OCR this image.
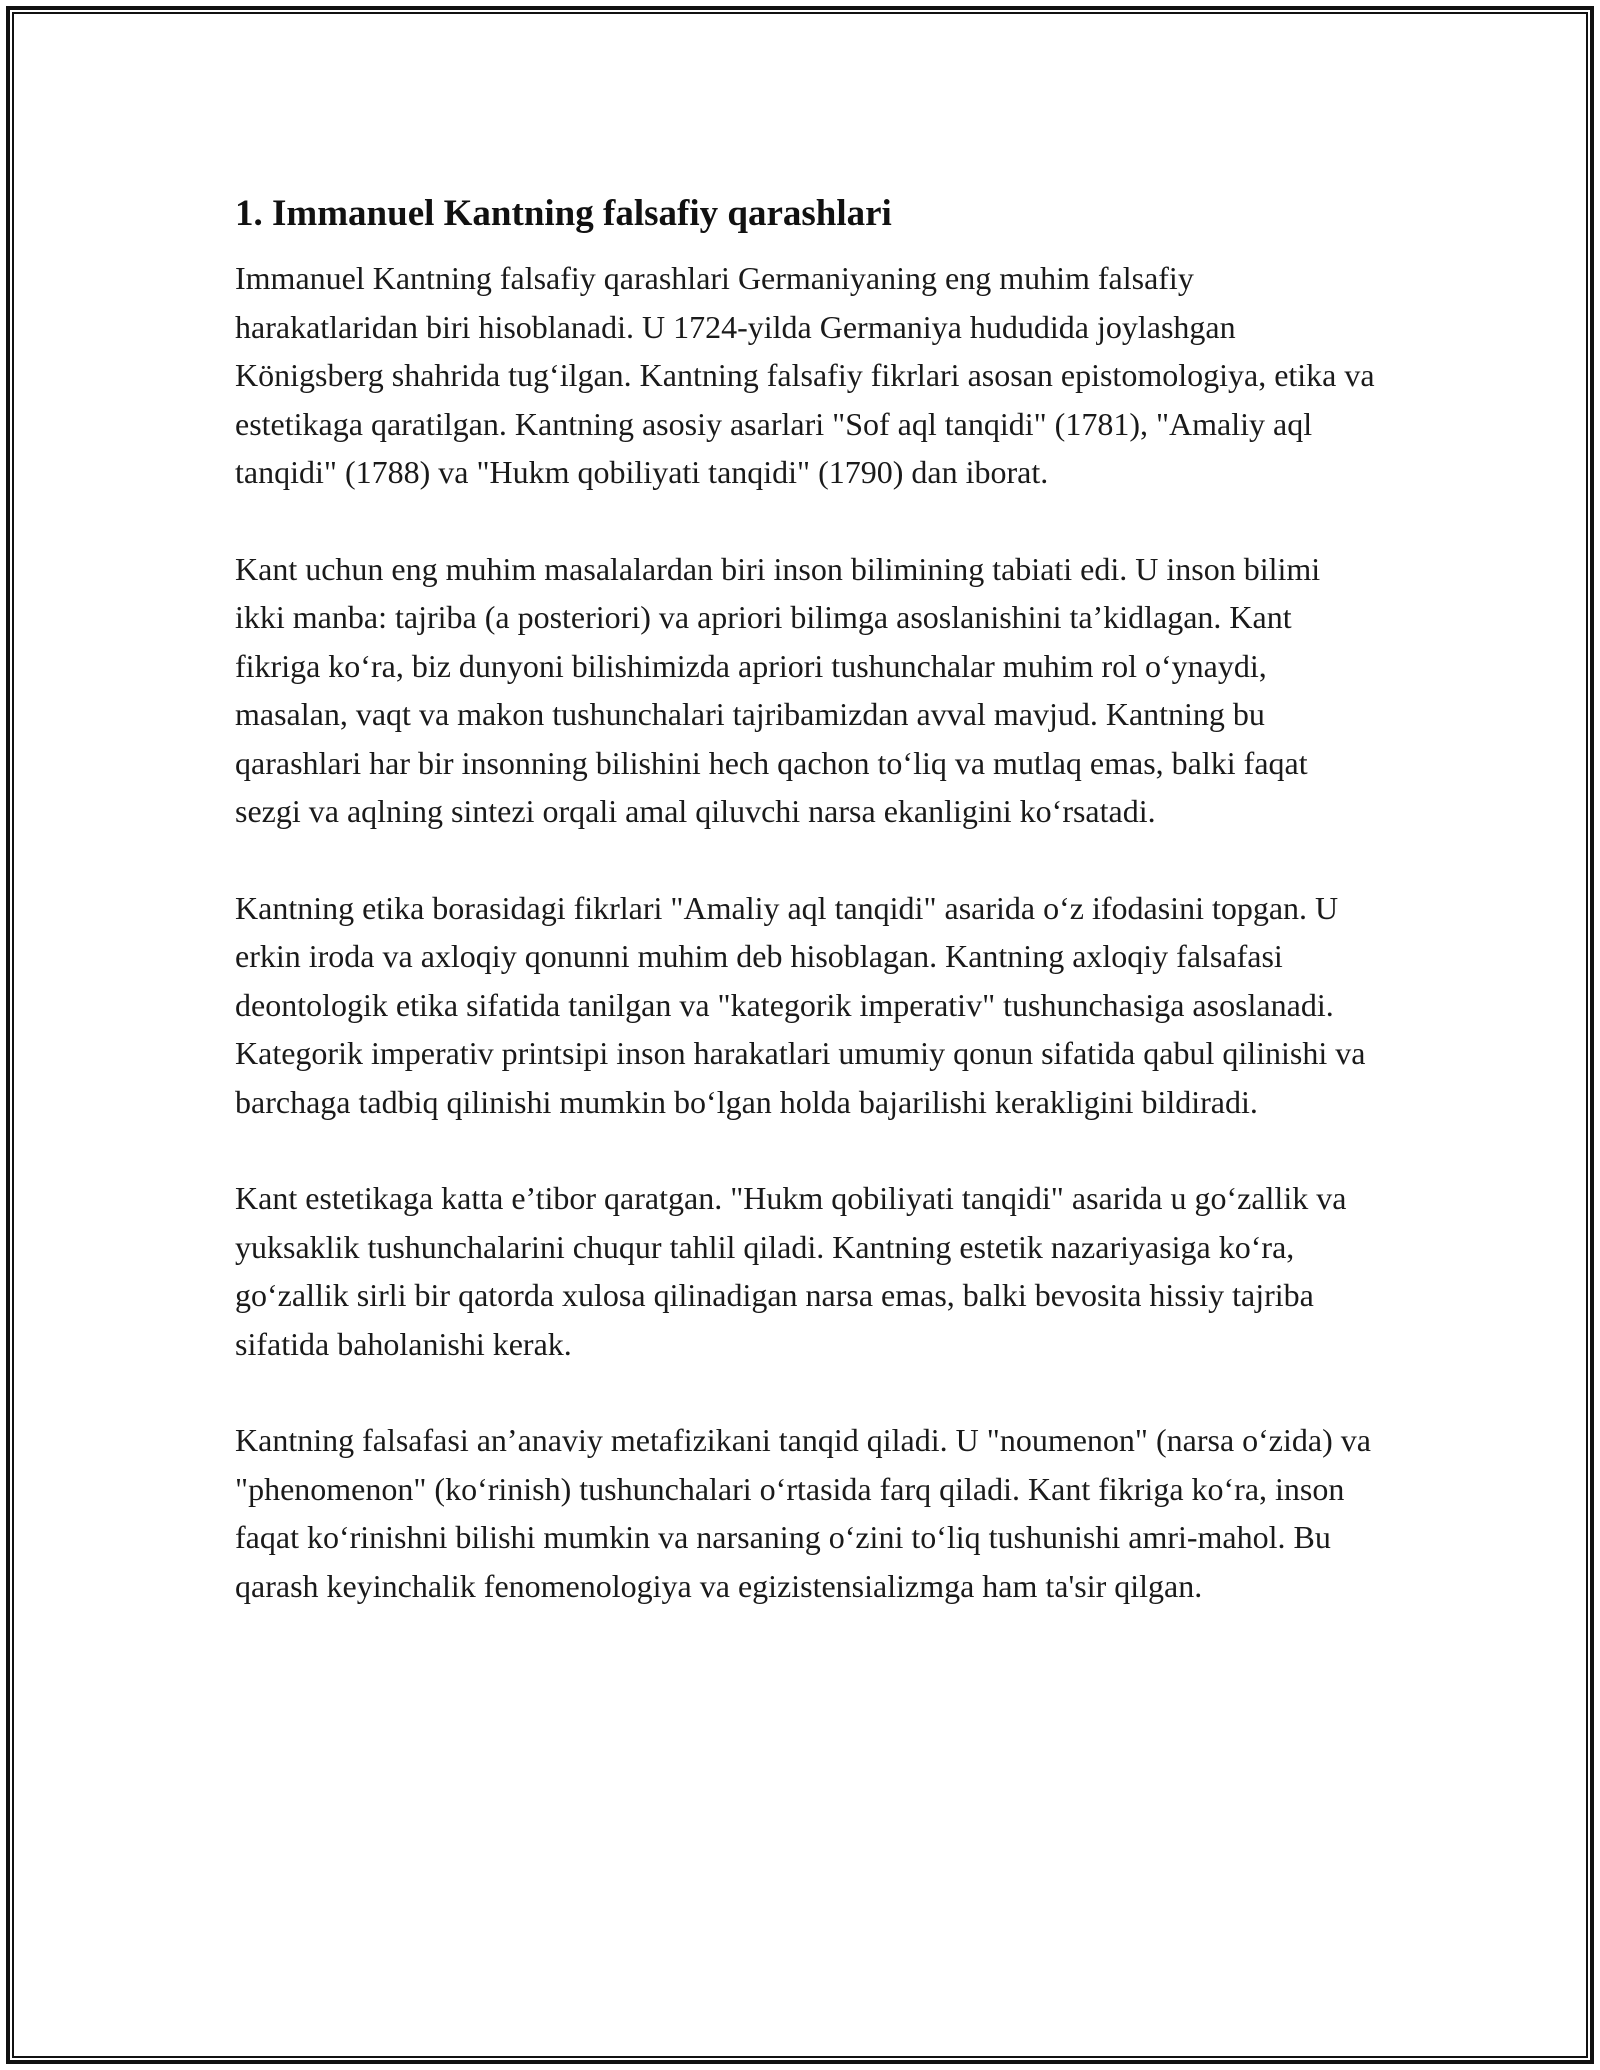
1. Immanuel Kantning falsafiy qarashlari

Immanuel Kantning falsafiy qarashlari Germaniyaning eng muhim falsafiy harakatlaridan biri hisoblanadi. U 1724-yilda Germaniya hududida joylashgan Königsberg shahrida tug‘ilgan. Kantning falsafiy fikrlari asosan epistomologiya, etika va estetikaga qaratilgan. Kantning asosiy asarlari "Sof aql tanqidi" (1781), "Amaliy aql tanqidi" (1788) va "Hukm qobiliyati tanqidi" (1790) dan iborat.

Kant uchun eng muhim masalalardan biri inson bilimining tabiati edi. U inson bilimi ikki manba: tajriba (a posteriori) va apriori bilimga asoslanishini ta’kidlagan. Kant fikriga ko‘ra, biz dunyoni bilishimizda apriori tushunchalar muhim rol o‘ynaydi, masalan, vaqt va makon tushunchalari tajribamizdan avval mavjud. Kantning bu qarashlari har bir insonning bilishini hech qachon to‘liq va mutlaq emas, balki faqat sezgi va aqlning sintezi orqali amal qiluvchi narsa ekanligini ko‘rsatadi.

Kantning etika borasidagi fikrlari "Amaliy aql tanqidi" asarida o‘z ifodasini topgan. U erkin iroda va axloqiy qonunni muhim deb hisoblagan. Kantning axloqiy falsafasi deontologik etika sifatida tanilgan va "kategorik imperativ" tushunchasiga asoslanadi. Kategorik imperativ printsipi inson harakatlari umumiy qonun sifatida qabul qilinishi va barchaga tadbiq qilinishi mumkin bo‘lgan holda bajarilishi kerakligini bildiradi.

Kant estetikaga katta e’tibor qaratgan. "Hukm qobiliyati tanqidi" asarida u go‘zallik va yuksaklik tushunchalarini chuqur tahlil qiladi. Kantning estetik nazariyasiga ko‘ra, go‘zallik sirli bir qatorda xulosa qilinadigan narsa emas, balki bevosita hissiy tajriba sifatida baholanishi kerak.

Kantning falsafasi an’anaviy metafizikani tanqid qiladi. U "noumenon" (narsa o‘zida) va "phenomenon" (ko‘rinish) tushunchalari o‘rtasida farq qiladi. Kant fikriga ko‘ra, inson faqat ko‘rinishni bilishi mumkin va narsaning o‘zini to‘liq tushunishi amri-mahol. Bu qarash keyinchalik fenomenologiya va egizistensializmga ham ta'sir qilgan.
